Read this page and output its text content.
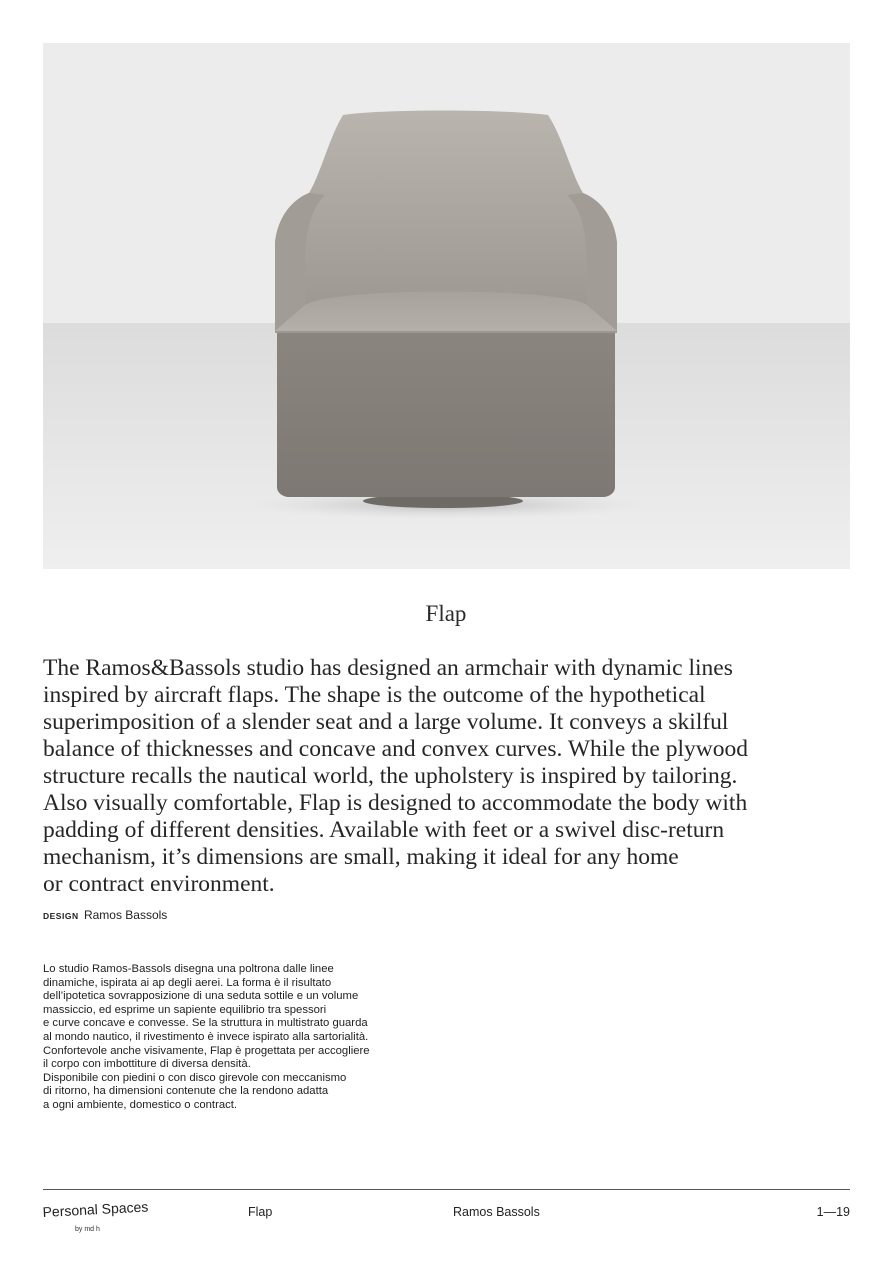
Flap

The Ramos&Bassols studio has designed an armchair with dynamic lines
inspired by aircraft flaps. The shape is the outcome of the hypothetical
superimposition of a slender seat and a large volume. It conveys a skilful
balance of thicknesses and concave and convex curves. While the plywood
structure recalls the nautical world, the upholstery is inspired by tailoring.
Also visually comfortable, Flap is designed to accommodate the body with
padding of different densities. Available with feet or a swivel disc-return
mechanism, it’s dimensions are small, making it ideal for any home
or contract environment.

DESIGN Ramos Bassols

Lo studio Ramos-Bassols disegna una poltrona dalle linee
dinamiche, ispirata ai ap degli aerei. La forma è il risultato
dell’ipotetica sovrapposizione di una seduta sottile e un volume
massiccio, ed esprime un sapiente equilibrio tra spessori
e curve concave e convesse. Se la struttura in multistrato guarda
al mondo nautico, il rivestimento è invece ispirato alla sartorialità.
Confortevole anche visivamente, Flap è progettata per accogliere
il corpo con imbottiture di diversa densità.
Disponibile con piedini o con disco girevole con meccanismo
di ritorno, ha dimensioni contenute che la rendono adatta
a ogni ambiente, domestico o contract.

Personal Spaces
by md h
Flap	Ramos Bassols	1—19
